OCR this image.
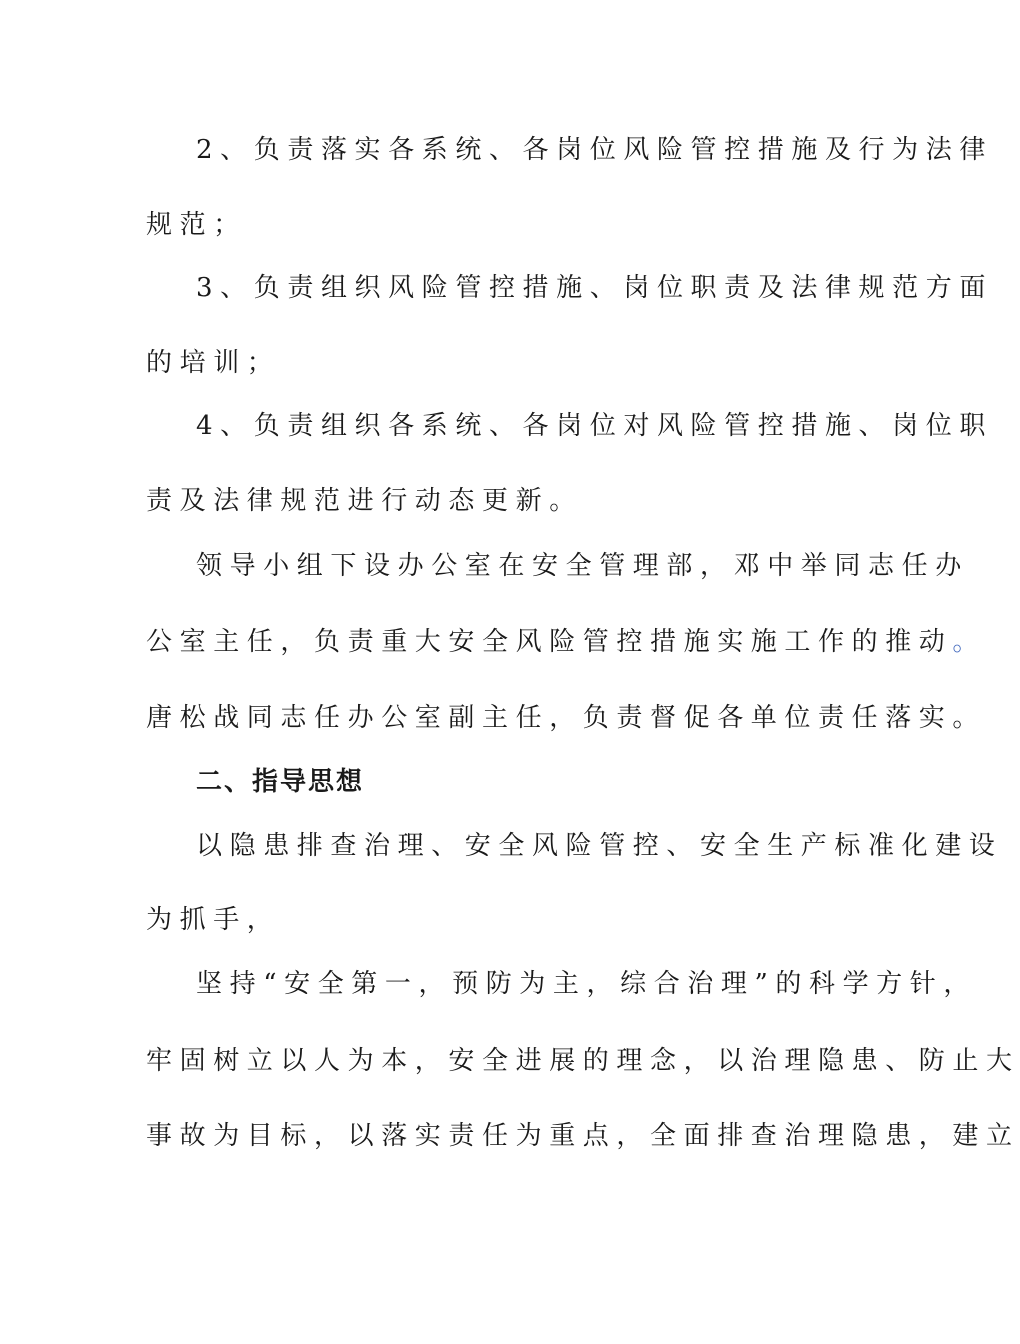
2、负责落实各系统、各岗位风险管控措施及行为法律
规范；
3、负责组织风险管控措施、岗位职责及法律规范方面
的培训；
4、负责组织各系统、各岗位对风险管控措施、岗位职
责及法律规范进行动态更新。
领导小组下设办公室在安全管理部，邓中举同志任办
公室主任，负责重大安全风险管控措施实施工作的推动。
唐松战同志任办公室副主任，负责督促各单位责任落实。
二、指导思想
以隐患排查治理、安全风险管控、安全生产标准化建设
为抓手，
坚持“安全第一，预防为主，综合治理”的科学方针，
牢固树立以人为本，安全进展的理念，以治理隐患、防止大
事故为目标，以落实责任为重点，全面排查治理隐患，建立
